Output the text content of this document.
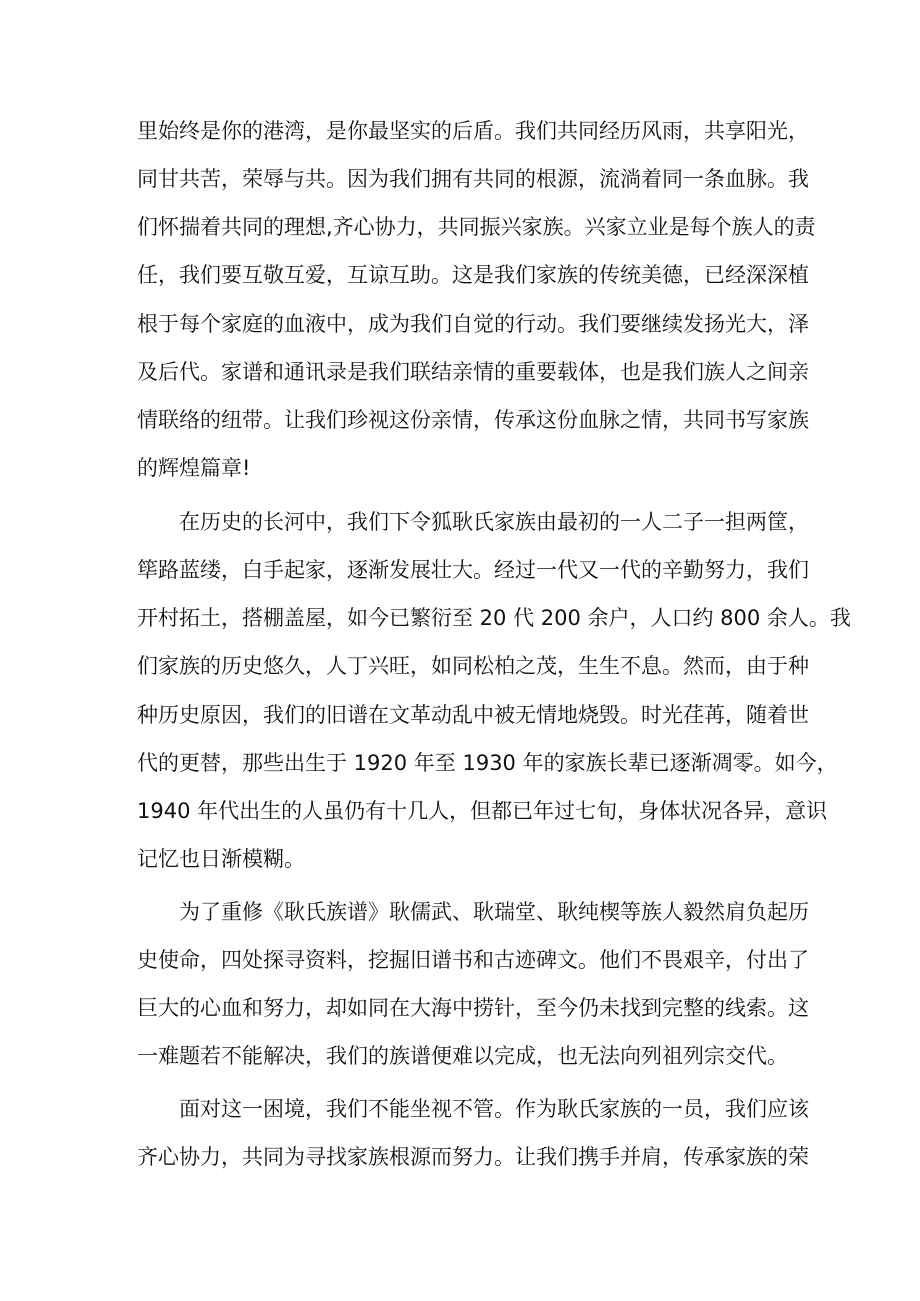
里始终是你的港湾，是你最坚实的后盾。我们共同经历风雨，共享阳光，
同甘共苦，荣辱与共。因为我们拥有共同的根源，流淌着同一条血脉。我
们怀揣着共同的理想,齐心协力，共同振兴家族。兴家立业是每个族人的责
任，我们要互敬互爱，互谅互助。这是我们家族的传统美德，已经深深植
根于每个家庭的血液中，成为我们自觉的行动。我们要继续发扬光大，泽
及后代。家谱和通讯录是我们联结亲情的重要载体，也是我们族人之间亲
情联络的纽带。让我们珍视这份亲情，传承这份血脉之情，共同书写家族
的辉煌篇章!
在历史的长河中，我们下令狐耿氏家族由最初的一人二子一担两筐，
筚路蓝缕，白手起家，逐渐发展壮大。经过一代又一代的辛勤努力，我们
开村拓土，搭棚盖屋，如今已繁衍至 20 代 200 余户，人口约 800 余人。我
们家族的历史悠久，人丁兴旺，如同松柏之茂，生生不息。然而，由于种
种历史原因，我们的旧谱在文革动乱中被无情地烧毁。时光荏苒，随着世
代的更替，那些出生于 1920 年至 1930 年的家族长辈已逐渐凋零。如今，
1940 年代出生的人虽仍有十几人，但都已年过七旬，身体状况各异，意识
记忆也日渐模糊。
为了重修《耿氏族谱》耿儒武、耿瑞堂、耿纯楔等族人毅然肩负起历
史使命，四处探寻资料，挖掘旧谱书和古迹碑文。他们不畏艰辛，付出了
巨大的心血和努力，却如同在大海中捞针，至今仍未找到完整的线索。这
一难题若不能解决，我们的族谱便难以完成，也无法向列祖列宗交代。
面对这一困境，我们不能坐视不管。作为耿氏家族的一员，我们应该
齐心协力，共同为寻找家族根源而努力。让我们携手并肩，传承家族的荣
